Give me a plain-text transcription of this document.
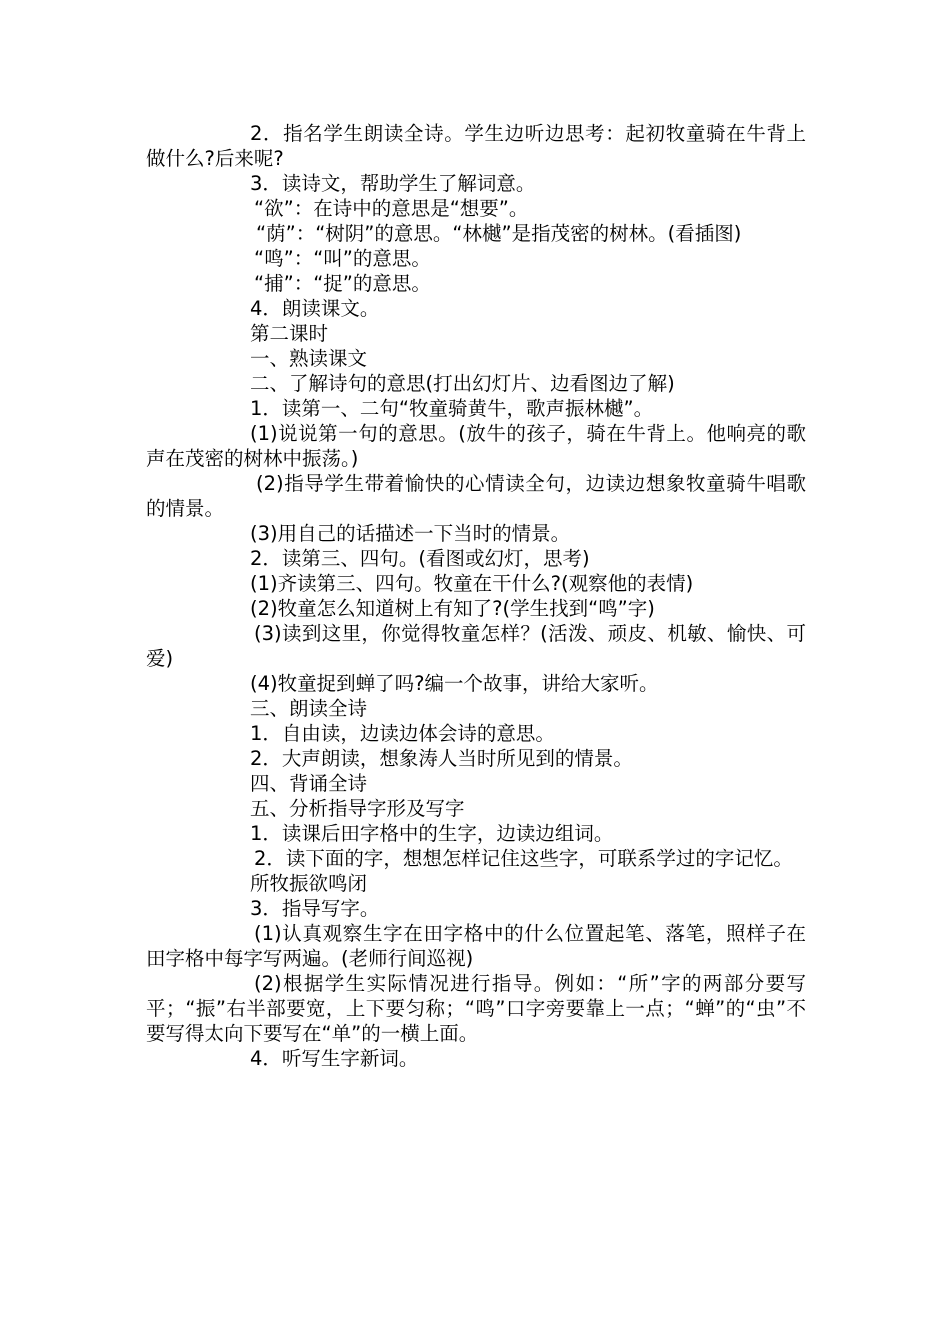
2．指名学生朗读全诗。学生边听边思考：起初牧童骑在牛背上做什么?后来呢?

3．读诗文，帮助学生了解词意。

“欲”：在诗中的意思是“想要”。

“荫”：“树阴”的意思。“林樾”是指茂密的树林。(看插图)

“鸣”：“叫”的意思。

“捕”：“捉”的意思。

4．朗读课文。

第二课时

一、熟读课文

二、了解诗句的意思(打出幻灯片、边看图边了解)

1．读第一、二句“牧童骑黄牛，歌声振林樾”。

(1)说说第一句的意思。(放牛的孩子，骑在牛背上。他响亮的歌声在茂密的树林中振荡。)

(2)指导学生带着愉快的心情读全句，边读边想象牧童骑牛唱歌的情景。

(3)用自己的话描述一下当时的情景。

2．读第三、四句。(看图或幻灯，思考)

(1)齐读第三、四句。牧童在干什么?(观察他的表情)

(2)牧童怎么知道树上有知了?(学生找到“鸣”字)

(3)读到这里，你觉得牧童怎样？(活泼、顽皮、机敏、愉快、可爱)

(4)牧童捉到蝉了吗?编一个故事，讲给大家听。

三、朗读全诗

1．自由读，边读边体会诗的意思。

2．大声朗读，想象涛人当时所见到的情景。

四、背诵全诗

五、分析指导字形及写字

1．读课后田字格中的生字，边读边组词。

2．读下面的字，想想怎样记住这些字，可联系学过的字记忆。

所牧振欲鸣闭

3．指导写字。

(1)认真观察生字在田字格中的什么位置起笔、落笔，照样子在田字格中每字写两遍。(老师行间巡视)

(2)根据学生实际情况进行指导。例如：“所”字的两部分要写平；“振”右半部要宽，上下要匀称；“鸣”口字旁要靠上一点；“蝉”的“虫”不要写得太向下要写在“单”的一横上面。

4．听写生字新词。
